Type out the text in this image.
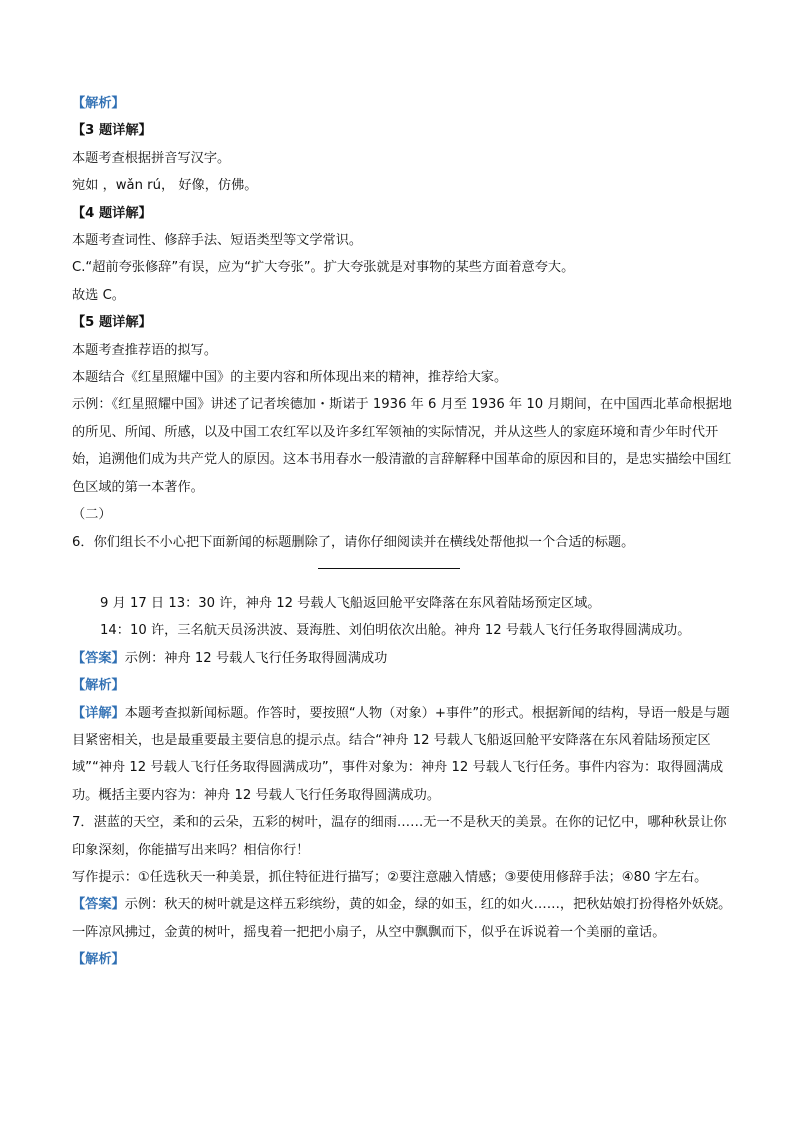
【解析】

【3 题详解】

本题考查根据拼音写汉字。

宛如 ，wǎn rú， 好像，仿佛。

【4 题详解】

本题考查词性、修辞手法、短语类型等文学常识。

C.“超前夸张修辞”有误，应为“扩大夸张”。扩大夸张就是对事物的某些方面着意夸大。

故选 C。

【5 题详解】

本题考查推荐语的拟写。

本题结合《红星照耀中国》的主要内容和所体现出来的精神，推荐给大家。

示例：《红星照耀中国》讲述了记者埃德加・斯诺于 1936 年 6 月至 1936 年 10 月期间，在中国西北革命根据地的所见、所闻、所感，以及中国工农红军以及许多红军领袖的实际情况，并从这些人的家庭环境和青少年时代开始，追溯他们成为共产党人的原因。这本书用春水一般清澈的言辞解释中国革命的原因和目的，是忠实描绘中国红色区域的第一本著作。

（二）

6．你们组长不小心把下面新闻的标题删除了，请你仔细阅读并在横线处帮他拟一个合适的标题。

9 月 17 日 13：30 许，神舟 12 号载人飞船返回舱平安降落在东风着陆场预定区域。

14：10 许，三名航天员汤洪波、聂海胜、刘伯明依次出舱。神舟 12 号载人飞行任务取得圆满成功。

【答案】示例：神舟 12 号载人飞行任务取得圆满成功

【解析】

【详解】本题考查拟新闻标题。作答时，要按照“人物（对象）+事件”的形式。根据新闻的结构，导语一般是与题目紧密相关，也是最重要最主要信息的提示点。结合“神舟 12 号载人飞船返回舱平安降落在东风着陆场预定区域”“神舟 12 号载人飞行任务取得圆满成功”，事件对象为：神舟 12 号载人飞行任务。事件内容为：取得圆满成功。概括主要内容为：神舟 12 号载人飞行任务取得圆满成功。

7．湛蓝的天空，柔和的云朵，五彩的树叶，温存的细雨……无一不是秋天的美景。在你的记忆中，哪种秋景让你印象深刻，你能描写出来吗？相信你行！

写作提示：①任选秋天一种美景，抓住特征进行描写；②要注意融入情感；③要使用修辞手法；④80 字左右。

【答案】示例：秋天的树叶就是这样五彩缤纷，黄的如金，绿的如玉，红的如火……，把秋姑娘打扮得格外妖娆。一阵凉风拂过，金黄的树叶，摇曳着一把把小扇子，从空中飘飘而下，似乎在诉说着一个美丽的童话。

【解析】
